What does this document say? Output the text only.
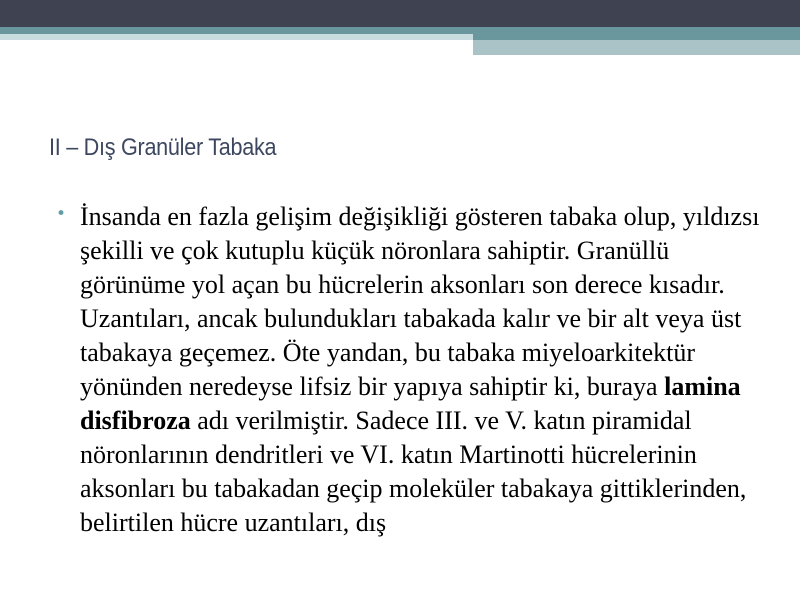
II – Dış Granüler Tabaka
• İnsanda en fazla gelişim değişikliği gösteren tabaka olup, yıldızsı şekilli ve çok kutuplu küçük nöronlara sahiptir. Granüllü görünüme yol açan bu hücrelerin aksonları son derece kısadır. Uzantıları, ancak bulundukları tabakada kalır ve bir alt veya üst tabakaya geçemez. Öte yandan, bu tabaka miyeloarkitektür yönünden neredeyse lifsiz bir yapıya sahiptir ki, buraya lamina disfibroza adı verilmiştir. Sadece III. ve V. katın piramidal nöronlarının dendritleri ve VI. katın Martinotti hücrelerinin aksonları bu tabakadan geçip moleküler tabakaya gittiklerinden, belirtilen hücre uzantıları, dış
